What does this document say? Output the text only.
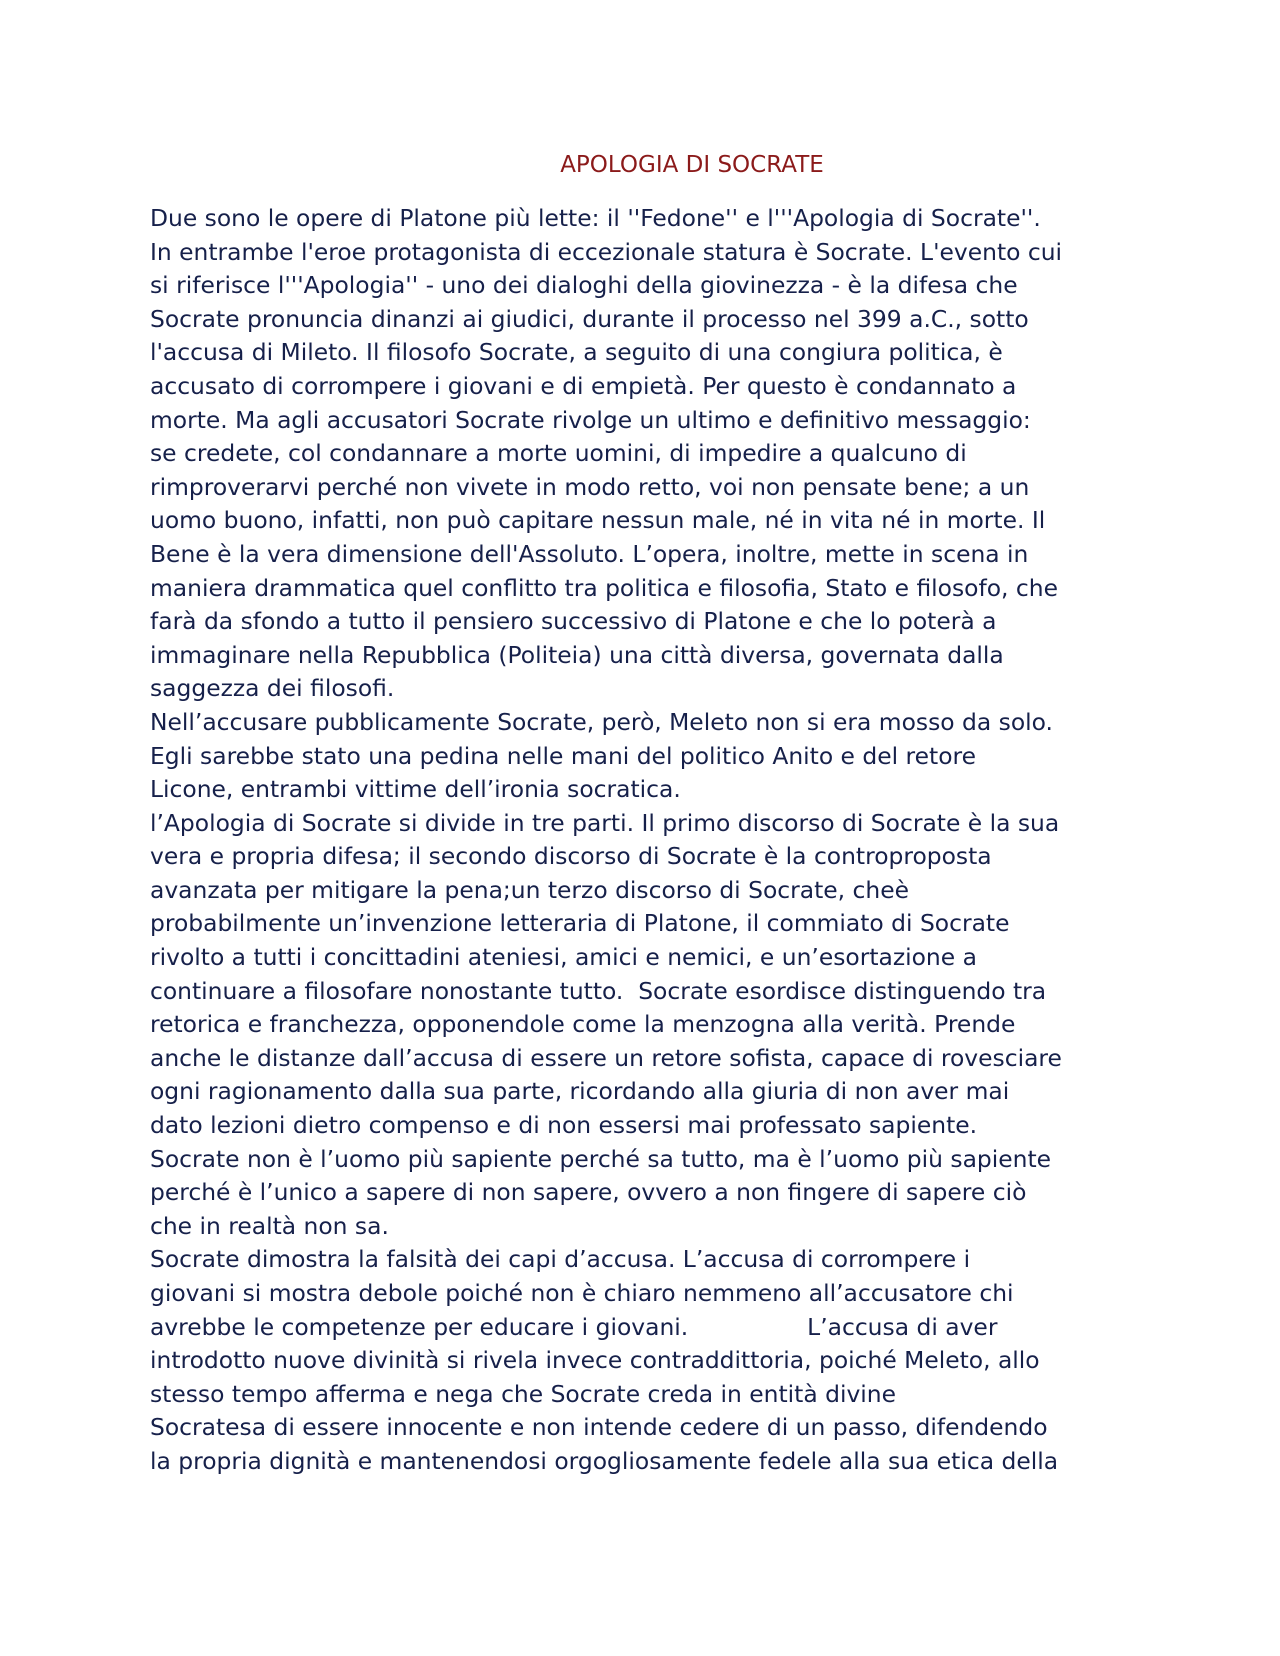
APOLOGIA DI SOCRATE
Due sono le opere di Platone più lette: il ''Fedone'' e l'''Apologia di Socrate''.
In entrambe l'eroe protagonista di eccezionale statura è Socrate. L'evento cui
si riferisce l'''Apologia'' - uno dei dialoghi della giovinezza - è la difesa che
Socrate pronuncia dinanzi ai giudici, durante il processo nel 399 a.C., sotto
l'accusa di Mileto. Il filosofo Socrate, a seguito di una congiura politica, è
accusato di corrompere i giovani e di empietà. Per questo è condannato a
morte. Ma agli accusatori Socrate rivolge un ultimo e definitivo messaggio:
se credete, col condannare a morte uomini, di impedire a qualcuno di
rimproverarvi perché non vivete in modo retto, voi non pensate bene; a un
uomo buono, infatti, non può capitare nessun male, né in vita né in morte. Il
Bene è la vera dimensione dell'Assoluto. L’opera, inoltre, mette in scena in
maniera drammatica quel conflitto tra politica e filosofia, Stato e filosofo, che
farà da sfondo a tutto il pensiero successivo di Platone e che lo poterà a
immaginare nella Repubblica (Politeia) una città diversa, governata dalla
saggezza dei filosofi.
Nell’accusare pubblicamente Socrate, però, Meleto non si era mosso da solo.
Egli sarebbe stato una pedina nelle mani del politico Anito e del retore
Licone, entrambi vittime dell’ironia socratica.
l’Apologia di Socrate si divide in tre parti. Il primo discorso di Socrate è la sua
vera e propria difesa; il secondo discorso di Socrate è la controproposta
avanzata per mitigare la pena;un terzo discorso di Socrate, cheè
probabilmente un’invenzione letteraria di Platone, il commiato di Socrate
rivolto a tutti i concittadini ateniesi, amici e nemici, e un’esortazione a
continuare a filosofare nonostante tutto.  Socrate esordisce distinguendo tra
retorica e franchezza, opponendole come la menzogna alla verità. Prende
anche le distanze dall’accusa di essere un retore sofista, capace di rovesciare
ogni ragionamento dalla sua parte, ricordando alla giuria di non aver mai
dato lezioni dietro compenso e di non essersi mai professato sapiente.
Socrate non è l’uomo più sapiente perché sa tutto, ma è l’uomo più sapiente
perché è l’unico a sapere di non sapere, ovvero a non fingere di sapere ciò
che in realtà non sa.
Socrate dimostra la falsità dei capi d’accusa. L’accusa di corrompere i
giovani si mostra debole poiché non è chiaro nemmeno all’accusatore chi
avrebbe le competenze per educare i giovani.                L’accusa di aver
introdotto nuove divinità si rivela invece contraddittoria, poiché Meleto, allo
stesso tempo afferma e nega che Socrate creda in entità divine
Socratesa di essere innocente e non intende cedere di un passo, difendendo
la propria dignità e mantenendosi orgogliosamente fedele alla sua etica della
